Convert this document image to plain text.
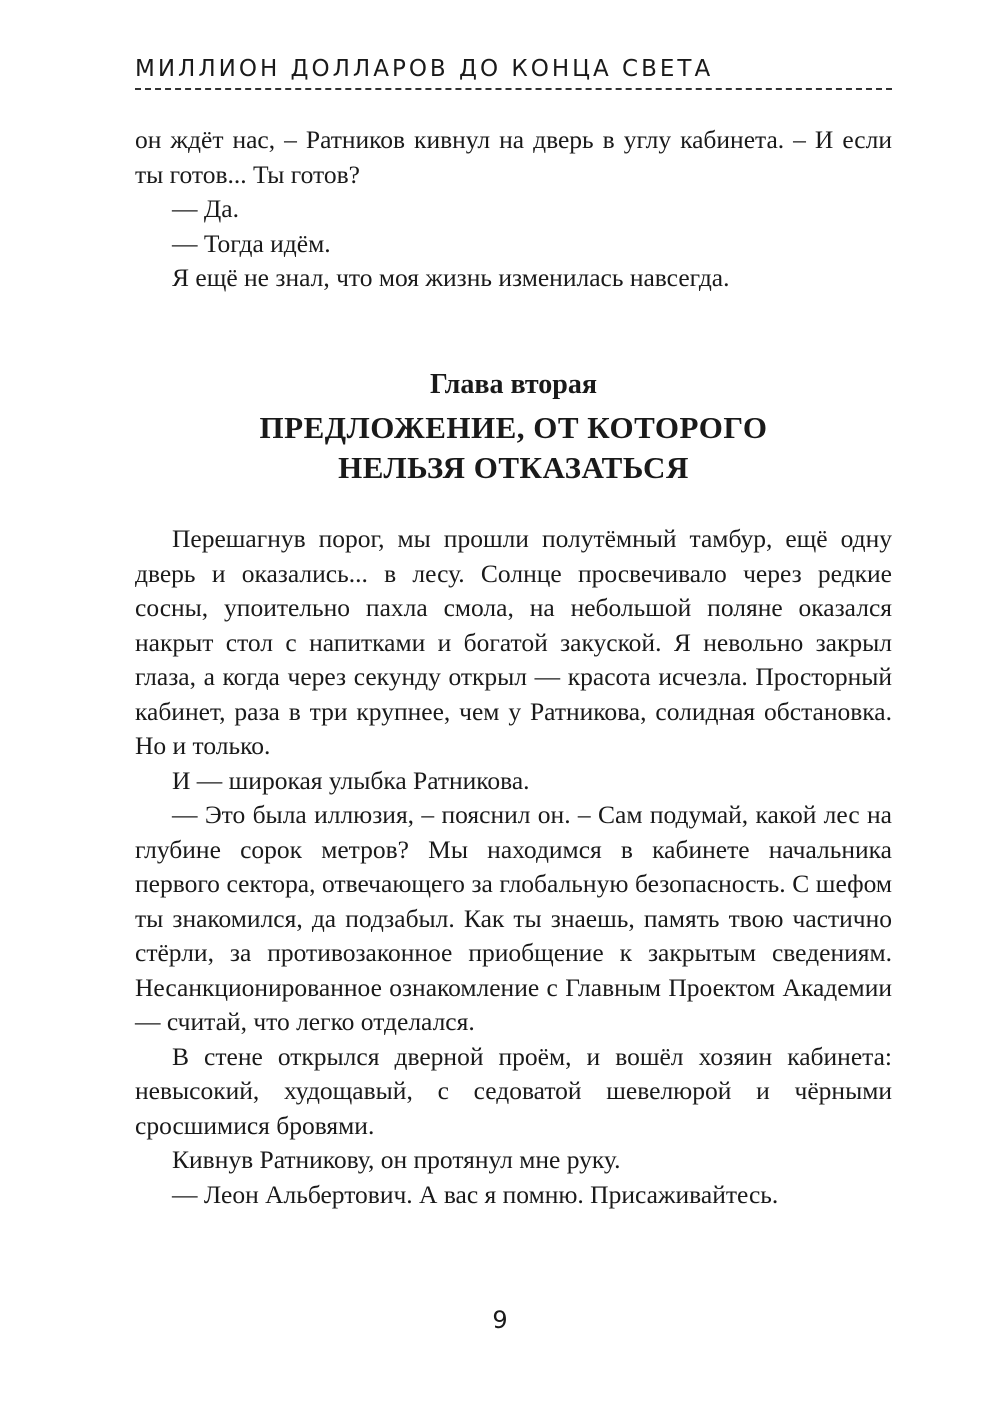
МИЛЛИОН ДОЛЛАРОВ ДО КОНЦА СВЕТА

он ждёт нас, – Ратников кивнул на дверь в углу кабинета. – И если ты готов... Ты готов?

— Да.

— Тогда идём.

Я ещё не знал, что моя жизнь изменилась навсегда.

Глава вторая
ПРЕДЛОЖЕНИЕ, ОТ КОТОРОГО
НЕЛЬЗЯ ОТКАЗАТЬСЯ

Перешагнув порог, мы прошли полутёмный тамбур, ещё одну дверь и оказались... в лесу. Солнце просвечивало через редкие сосны, упоительно пахла смола, на небольшой поляне оказался накрыт стол с напитками и богатой закуской. Я невольно закрыл глаза, а когда через секунду открыл — красота исчезла. Просторный кабинет, раза в три крупнее, чем у Ратникова, солидная обстановка. Но и только.

И — широкая улыбка Ратникова.

— Это была иллюзия, – пояснил он. – Сам подумай, какой лес на глубине сорок метров? Мы находимся в кабинете начальника первого сектора, отвечающего за глобальную безопасность. С шефом ты знакомился, да подзабыл. Как ты знаешь, память твою частично стёрли, за противозаконное приобщение к закрытым сведениям. Несанкционированное ознакомление с Главным Проектом Академии — считай, что легко отделался.

В стене открылся дверной проём, и вошёл хозяин кабинета: невысокий, худощавый, с седоватой шевелюрой и чёрными сросшимися бровями.

Кивнув Ратникову, он протянул мне руку.

— Леон Альбертович. А вас я помню. Присаживайтесь.

9
